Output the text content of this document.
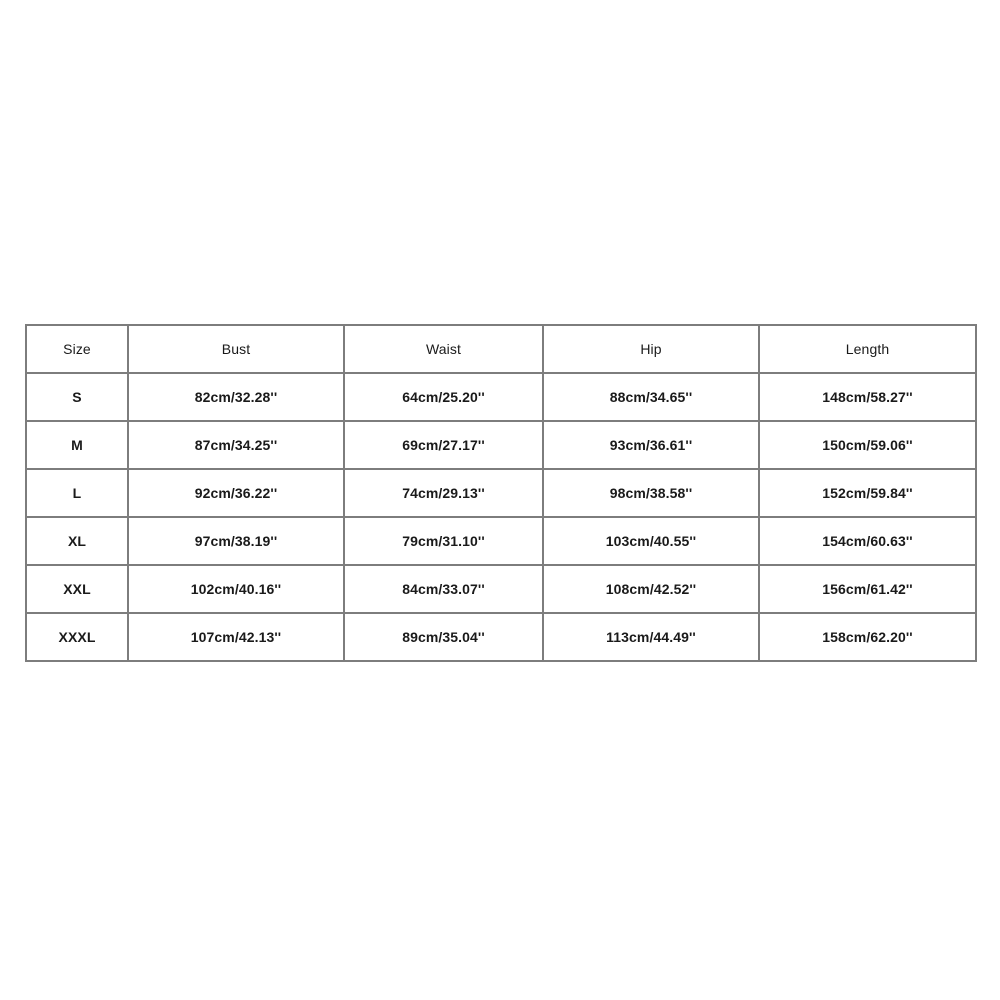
Size	Bust	Waist	Hip	Length
S	82cm/32.28''	64cm/25.20''	88cm/34.65''	148cm/58.27''
M	87cm/34.25''	69cm/27.17''	93cm/36.61''	150cm/59.06''
L	92cm/36.22''	74cm/29.13''	98cm/38.58''	152cm/59.84''
XL	97cm/38.19''	79cm/31.10''	103cm/40.55''	154cm/60.63''
XXL	102cm/40.16''	84cm/33.07''	108cm/42.52''	156cm/61.42''
XXXL	107cm/42.13''	89cm/35.04''	113cm/44.49''	158cm/62.20''
